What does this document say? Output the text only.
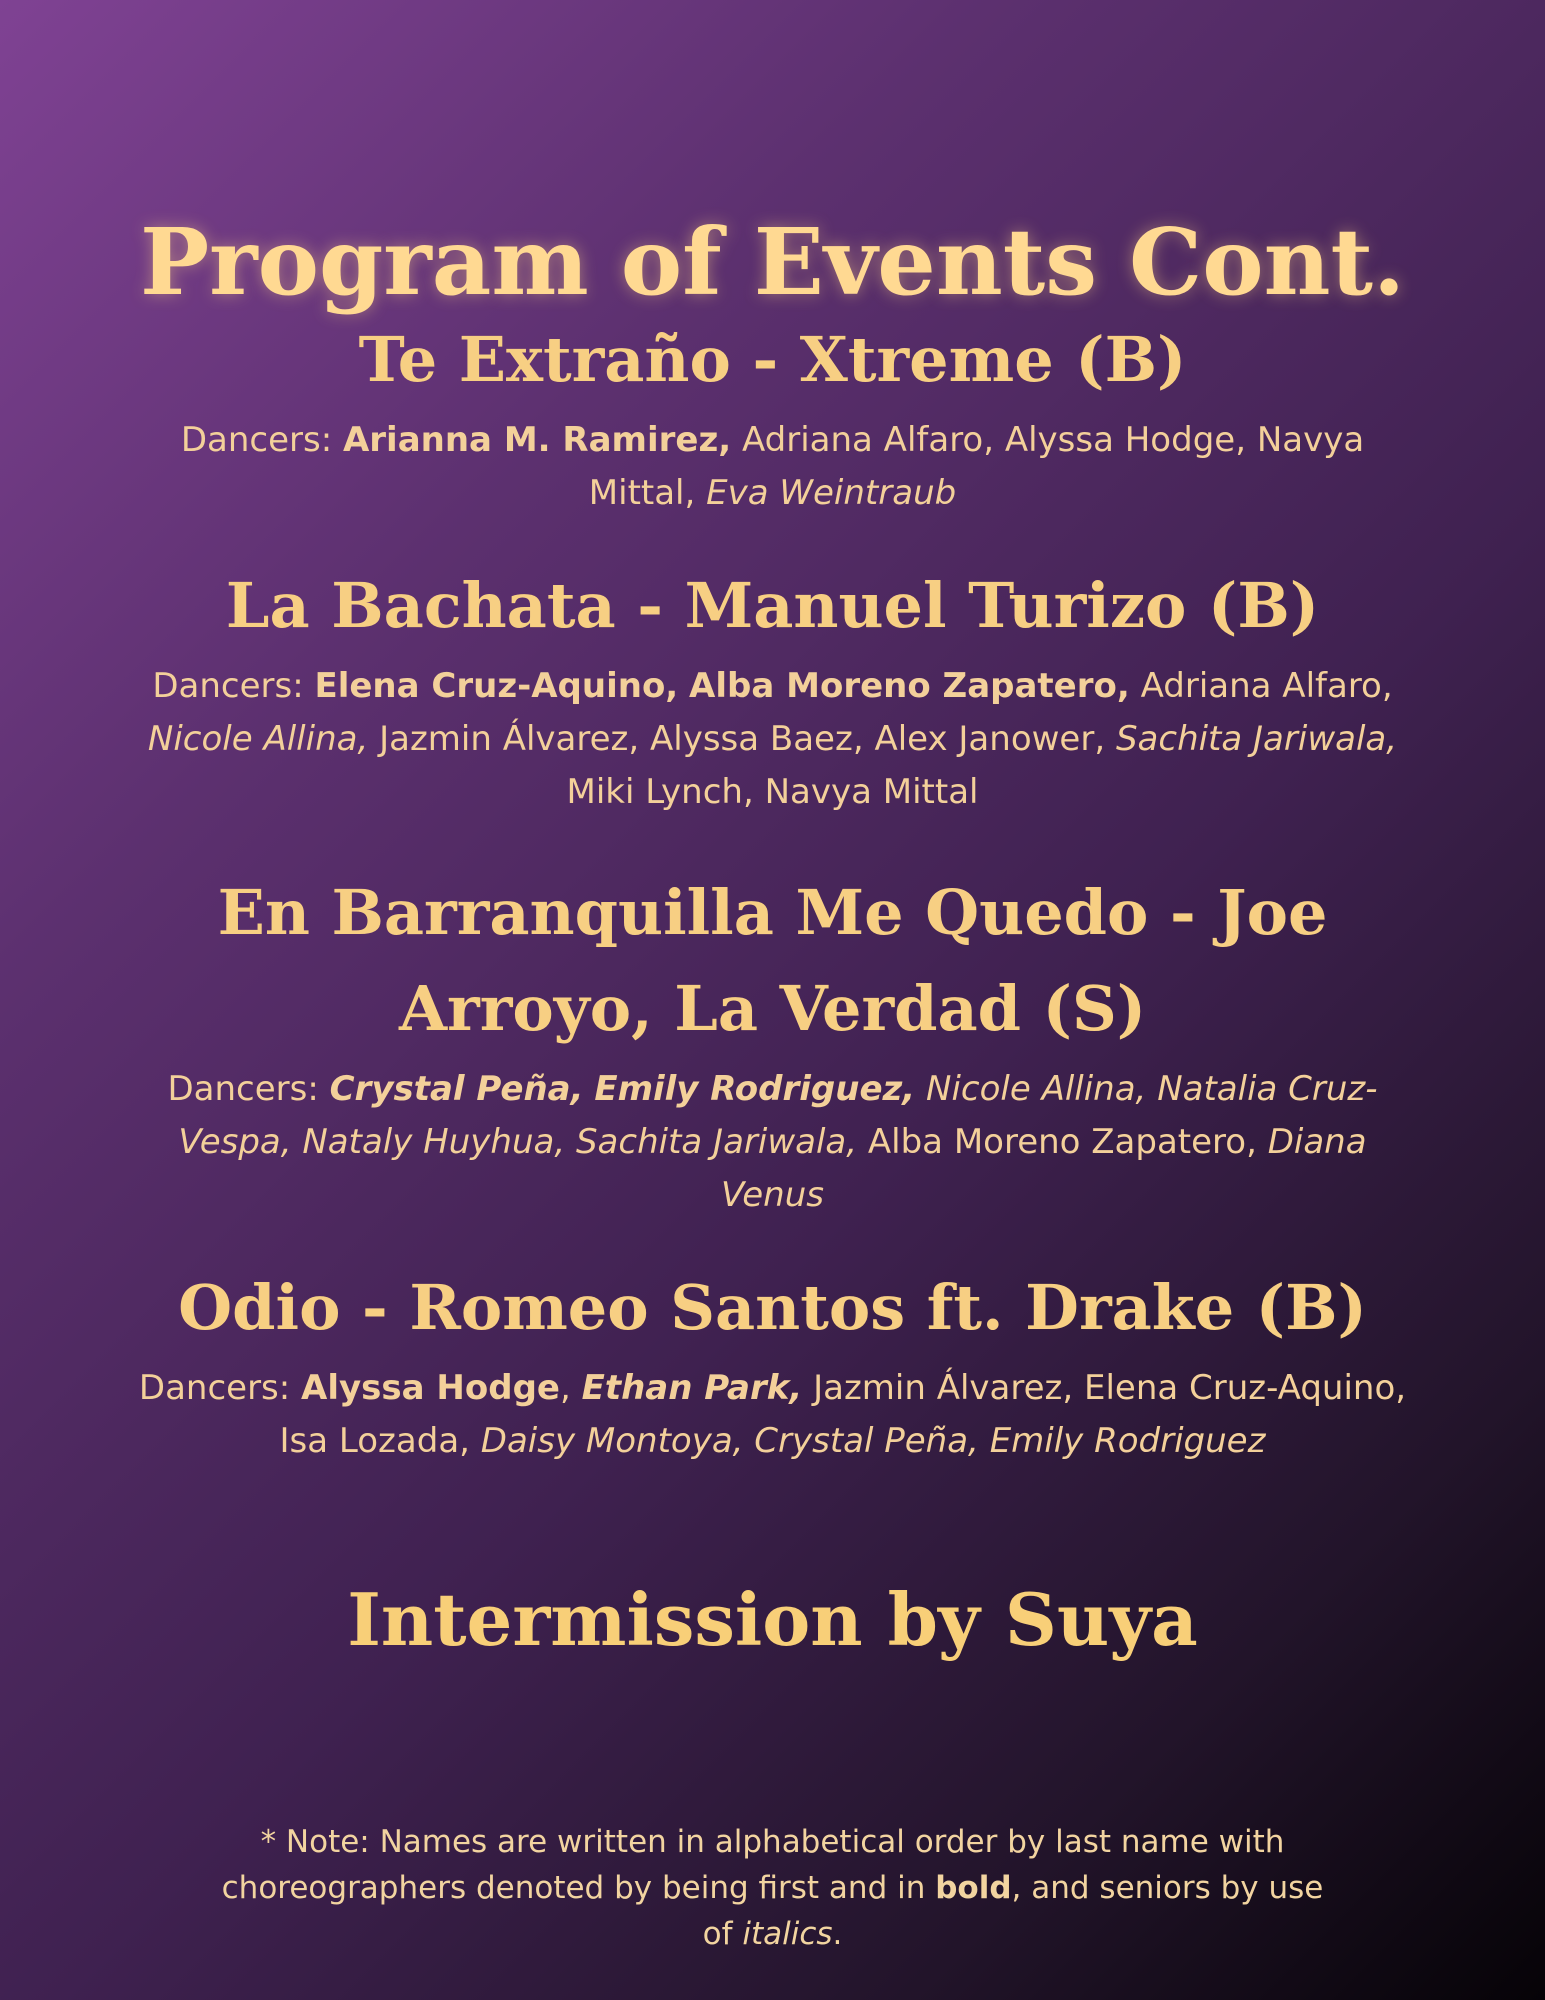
Program of Events Cont.
Te Extraño - Xtreme (B)
Dancers: Arianna M. Ramirez, Adriana Alfaro, Alyssa Hodge, Navya Mittal, Eva Weintraub
La Bachata - Manuel Turizo (B)
Dancers: Elena Cruz-Aquino, Alba Moreno Zapatero, Adriana Alfaro, Nicole Allina, Jazmin Álvarez, Alyssa Baez, Alex Janower, Sachita Jariwala, Miki Lynch, Navya Mittal
En Barranquilla Me Quedo - Joe Arroyo, La Verdad (S)
Dancers: Crystal Peña, Emily Rodriguez, Nicole Allina, Natalia Cruz-Vespa, Nataly Huyhua, Sachita Jariwala, Alba Moreno Zapatero, Diana Venus
Odio - Romeo Santos ft. Drake (B)
Dancers: Alyssa Hodge, Ethan Park, Jazmin Álvarez, Elena Cruz-Aquino, Isa Lozada, Daisy Montoya, Crystal Peña, Emily Rodriguez
Intermission by Suya

* Note: Names are written in alphabetical order by last name with choreographers denoted by being first and in bold, and seniors by use of italics.
